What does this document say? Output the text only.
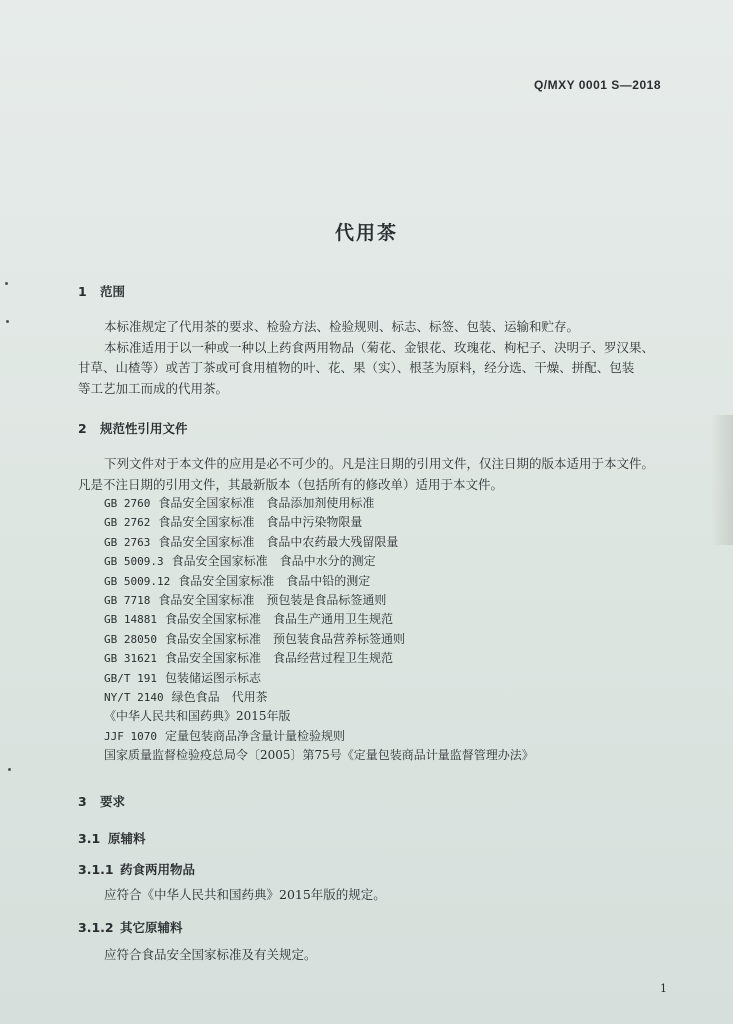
Q/MXY 0001 S—2018
代用茶
1 范围
本标准规定了代用茶的要求、检验方法、检验规则、标志、标签、包装、运输和贮存。
本标准适用于以一种或一种以上药食两用物品（菊花、金银花、玫瑰花、枸杞子、决明子、罗汉果、
甘草、山楂等）或苦丁茶或可食用植物的叶、花、果（实）、根茎为原料，经分选、干燥、拼配、包装
等工艺加工而成的代用茶。
2 规范性引用文件
下列文件对于本文件的应用是必不可少的。凡是注日期的引用文件，仅注日期的版本适用于本文件。
凡是不注日期的引用文件，其最新版本（包括所有的修改单）适用于本文件。
GB 2760 食品安全国家标准　食品添加剂使用标准
GB 2762 食品安全国家标准　食品中污染物限量
GB 2763 食品安全国家标准　食品中农药最大残留限量
GB 5009.3 食品安全国家标准　食品中水分的测定
GB 5009.12 食品安全国家标准　食品中铅的测定
GB 7718 食品安全国家标准　预包装是食品标签通则
GB 14881 食品安全国家标准　食品生产通用卫生规范
GB 28050 食品安全国家标准　预包装食品营养标签通则
GB 31621 食品安全国家标准　食品经营过程卫生规范
GB/T 191 包装储运图示标志
NY/T 2140 绿色食品　代用茶
《中华人民共和国药典》2015年版
JJF 1070 定量包装商品净含量计量检验规则
国家质量监督检验疫总局令〔2005〕第75号《定量包装商品计量监督管理办法》
3 要求
3.1 原辅料
3.1.1 药食两用物品
应符合《中华人民共和国药典》2015年版的规定。
3.1.2 其它原辅料
应符合食品安全国家标准及有关规定。
1
